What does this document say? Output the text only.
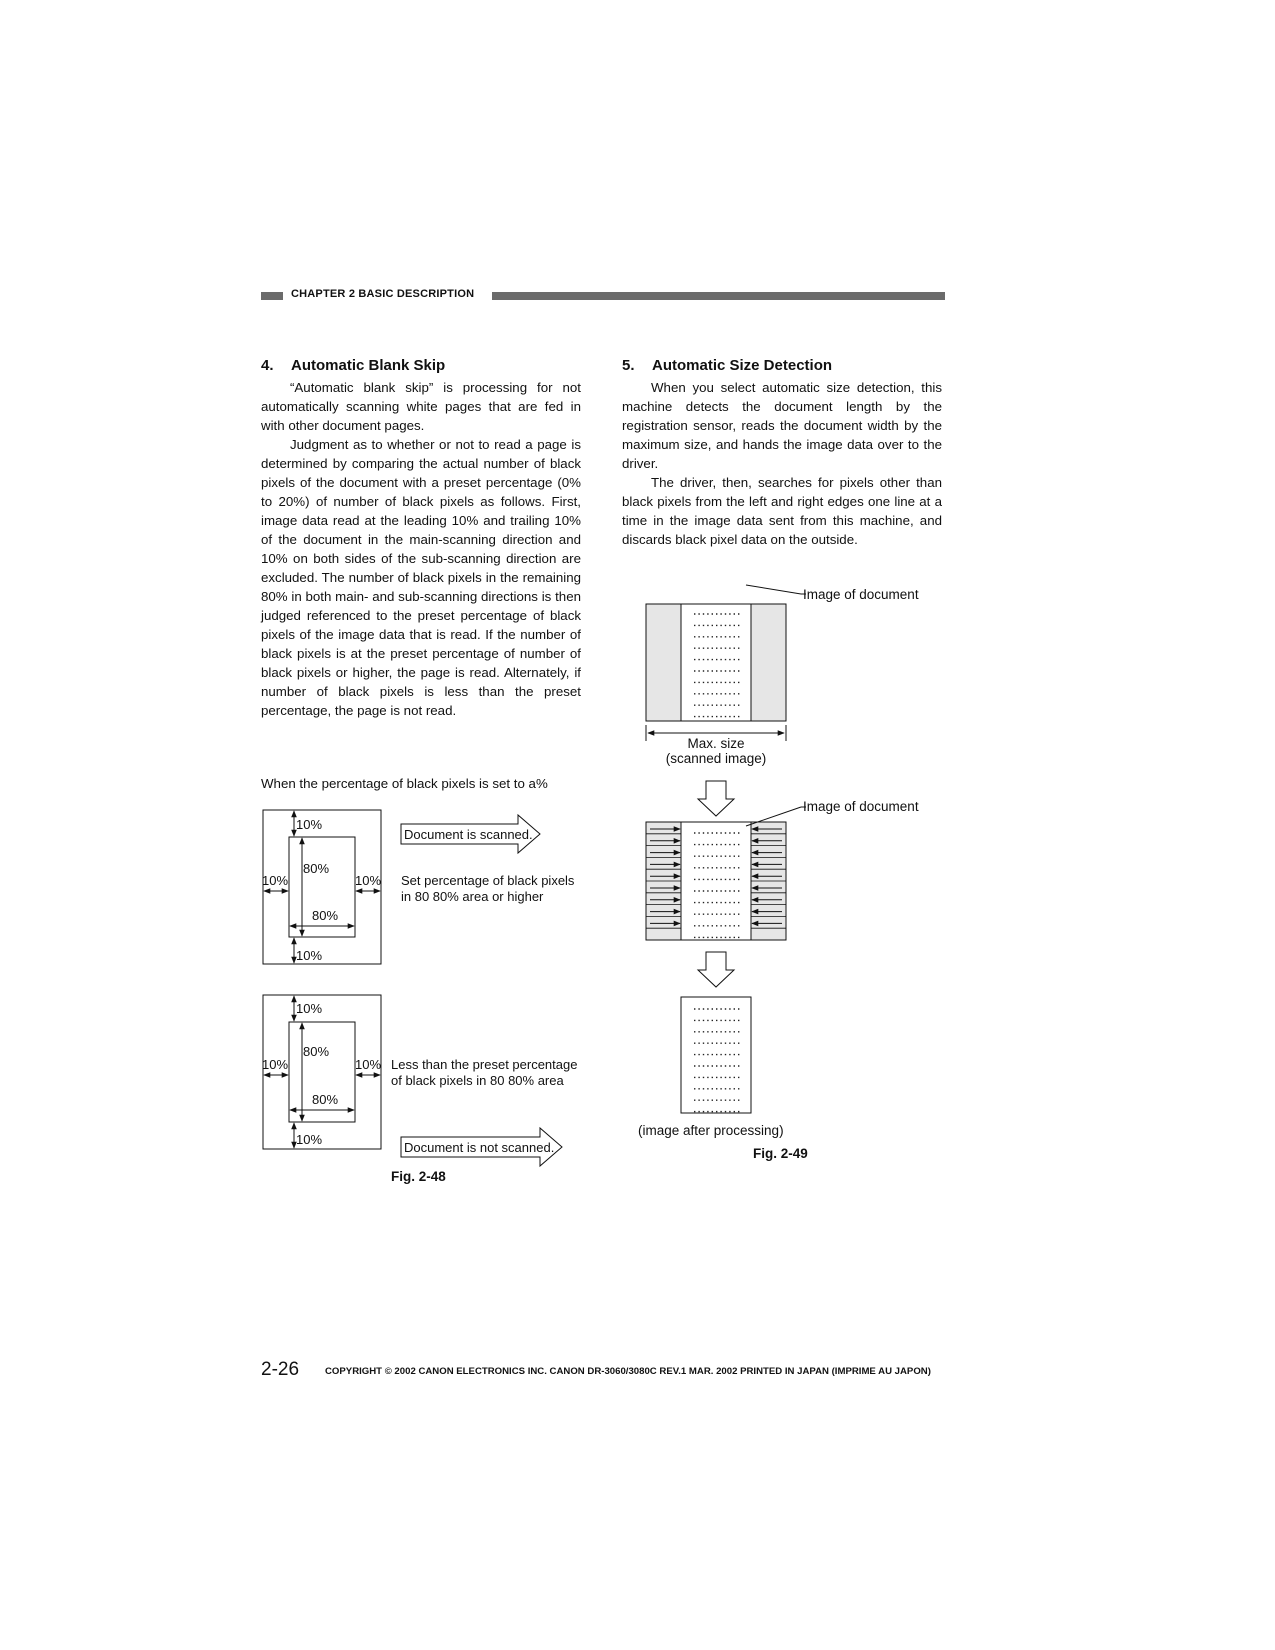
CHAPTER 2 BASIC DESCRIPTION
4. Automatic Blank Skip

“Automatic blank skip” is processing for not automatically scanning white pages that are fed in with other document pages.

Judgment as to whether or not to read a page is determined by comparing the actual number of black pixels of the document with a preset percentage (0% to 20%) of number of black pixels as follows. First, image data read at the leading 10% and trailing 10% of the document in the main-scanning direction and 10% on both sides of the sub-scanning direction are excluded. The number of black pixels in the remaining 80% in both main- and sub-scanning directions is then judged referenced to the preset percentage of black pixels of the image data that is read. If the number of black pixels is at the preset percentage of number of black pixels or higher, the page is read. Alternately, if number of black pixels is less than the preset percentage, the page is not read.

When the percentage of black pixels is set to a%
5. Automatic Size Detection

When you select automatic size detection, this machine detects the document length by the registration sensor, reads the document width by the maximum size, and hands the image data over to the driver.

The driver, then, searches for pixels other than black pixels from the left and right edges one line at a time in the image data sent from this machine, and discards black pixel data on the outside.

10%
80%
10%	10%
80%
10%
Document is scanned.
Set percentage of black pixels
in 80 80% area or higher
10%
80%
10%	10%
80%
10%
Less than the preset percentage
of black pixels in 80 80% area
Document is not scanned.
Fig. 2-48
Image of document
Max. size
(scanned image)
Image of document
(image after processing)
Fig. 2-49
2-26	COPYRIGHT © 2002 CANON ELECTRONICS INC. CANON DR-3060/3080C REV.1 MAR. 2002 PRINTED IN JAPAN (IMPRIME AU JAPON)
